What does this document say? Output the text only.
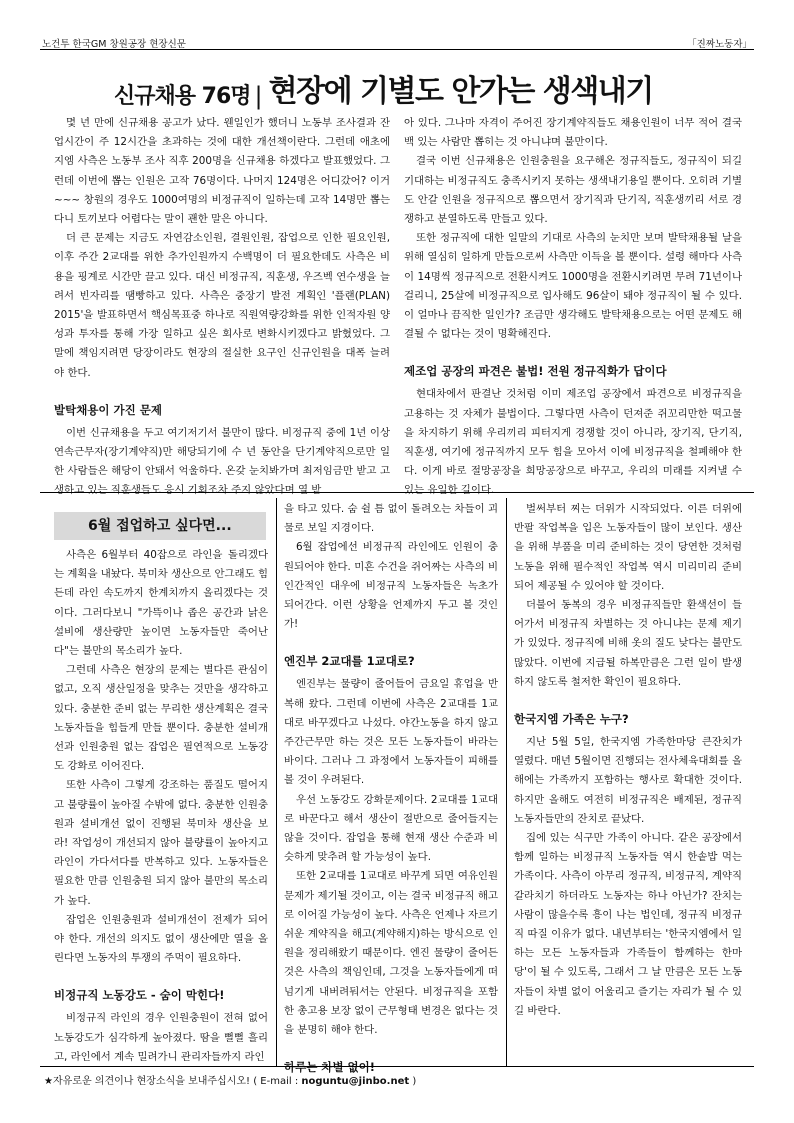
노건투 한국GM 창원공장 현장신문	「진짜노동자」
신규채용 76명 | 현장에 기별도 안가는 생색내기

몇 년 만에 신규채용 공고가 났다. 웬일인가 했더니 노동부 조사결과 잔업시간이 주 12시간을 초과하는 것에 대한 개선책이란다. 그런데 애초에 지엠 사측은 노동부 조사 직후 200명을 신규채용 하겠다고 발표했었다. 그런데 이번에 뽑는 인원은 고작 76명이다. 나머지 124명은 어디갔어? 이거~~~ 창원의 경우도 1000여명의 비정규직이 일하는데 고작 14명만 뽑는다니 토끼보다 어렵다는 말이 괜한 말은 아니다.

더 큰 문제는 지금도 자연감소인원, 결원인원, 잡업으로 인한 필요인원, 이후 주간 2교대를 위한 추가인원까지 수백명이 더 필요한데도 사측은 비용을 핑계로 시간만 끌고 있다. 대신 비정규직, 직훈생, 우즈벡 연수생을 늘려서 빈자리를 땜빵하고 있다. 사측은 중장기 발전 계획인 '플랜(PLAN) 2015'을 발표하면서 핵심목표중 하나로 직원역량강화를 위한 인적자원 양성과 투자를 통해 가장 일하고 싶은 회사로 변화시키겠다고 밝혔었다. 그 말에 책임지려면 당장이라도 현장의 절실한 요구인 신규인원을 대폭 늘려야 한다.

발탁채용이 가진 문제

이번 신규채용을 두고 여기저기서 불만이 많다. 비정규직 중에 1년 이상 연속근무자(장기계약직)만 해당되기에 수 년 동안을 단기계약직으로만 일한 사람들은 해당이 안돼서 억울하다. 온갖 눈치봐가며 최저임금만 받고 고생하고 있는 직훈생들도 응시 기회조차 주지 않았다며 열 받

아 있다. 그나마 자격이 주어진 장기계약직들도 채용인원이 너무 적어 결국 백 있는 사람만 뽑히는 것 아니냐며 불만이다.

결국 이번 신규채용은 인원충원을 요구해온 정규직들도, 정규직이 되길 기대하는 비정규직도 충족시키지 못하는 생색내기용일 뿐이다. 오히려 기별도 안갈 인원을 정규직으로 뽑으면서 장기직과 단기직, 직훈생끼리 서로 경쟁하고 분열하도록 만들고 있다.

또한 정규직에 대한 일말의 기대로 사측의 눈치만 보며 발탁채용될 날을 위해 열심히 일하게 만들으로써 사측만 이득을 볼 뿐이다. 설령 해마다 사측이 14명씩 정규직으로 전환시켜도 1000명을 전환시키려면 무려 71년이나 걸리니, 25살에 비정규직으로 입사해도 96살이 돼야 정규직이 될 수 있다. 이 얼마나 끔직한 일인가? 조금만 생각해도 발탁채용으로는 어떤 문제도 해결될 수 없다는 것이 명확해진다.

제조업 공장의 파견은 불법! 전원 정규직화가 답이다

현대차에서 판결난 것처럼 이미 제조업 공장에서 파견으로 비정규직을 고용하는 것 자체가 불법이다. 그렇다면 사측이 던져준 쥐꼬리만한 떡고물을 차지하기 위해 우리끼리 피터지게 경쟁할 것이 아니라, 장기직, 단기직, 직훈생, 여기에 정규직까지 모두 힘을 모아서 이에 비정규직을 철폐해야 한다. 이게 바로 절망공장을 희망공장으로 바꾸고, 우리의 미래를 지켜낼 수 있는 유일한 길이다.

6월 접업하고 싶다면...

사측은 6월부터 40잡으로 라인을 돌리겠다는 계획을 내놨다. 북미차 생산으로 안그래도 힘든데 라인 속도까지 한계치까지 올리겠다는 것이다. 그러다보니 "가뜩이나 좁은 공간과 낡은 설비에 생산량만 높이면 노동자들만 죽어난다"는 불만의 목소리가 높다.

그런데 사측은 현장의 문제는 별다른 관심이 없고, 오직 생산일정을 맞추는 것만을 생각하고 있다. 충분한 준비 없는 무리한 생산계획은 결국 노동자들을 힘들게 만들 뿐이다. 충분한 설비개선과 인원충원 없는 잡업은 필연적으로 노동강도 강화로 이어진다.

또한 사측이 그렇게 강조하는 품질도 떨어지고 불량률이 높아질 수밖에 없다. 충분한 인원충원과 설비개선 없이 진행된 북미차 생산을 보라! 작업성이 개선되지 않아 불량률이 높아지고 라인이 가다서다를 반복하고 있다. 노동자들은 필요한 만큼 인원충원 되지 않아 불만의 목소리가 높다.

잡업은 인원충원과 설비개선이 전제가 되어야 한다. 개선의 의지도 없이 생산에만 열을 올린다면 노동자의 투쟁의 주먹이 필요하다.

비정규직 노동강도 - 숨이 막힌다!

비정규직 라인의 경우 인원충원이 전혀 없어 노동강도가 심각하게 높아졌다. 땀을 뻘뻘 흘리고, 라인에서 계속 밀려가니 관리자들까지 라인

을 타고 있다. 숨 쉴 틈 없이 돌려오는 차들이 괴물로 보일 지경이다.

6월 잡업에선 비정규직 라인에도 인원이 충원되어야 한다. 미흔 수건을 쥐어짜는 사측의 비인간적인 대우에 비정규직 노동자들은 녹초가 되어간다. 이런 상황을 언제까지 두고 볼 것인가!

엔진부 2교대를 1교대로?

엔진부는 물량이 줄어들어 금요일 휴업을 반복해 왔다. 그런데 이번에 사측은 2교대를 1교대로 바꾸겠다고 나섰다. 야간노동을 하지 않고 주간근무만 하는 것은 모든 노동자들이 바라는 바이다. 그러나 그 과정에서 노동자들이 피해를 볼 것이 우려된다.

우선 노동강도 강화문제이다. 2교대를 1교대로 바꾼다고 해서 생산이 절반으로 줄어들지는 않을 것이다. 잡업을 통해 현재 생산 수준과 비슷하게 맞추려 할 가능성이 높다.

또한 2교대를 1교대로 바꾸게 되면 여유인원 문제가 제기될 것이고, 이는 결국 비정규직 해고로 이어질 가능성이 높다. 사측은 언제나 자르기 쉬운 계약직을 해고(계약해지)하는 방식으로 인원을 정리해왔기 때문이다. 엔진 물량이 줄어든 것은 사측의 책임인데, 그것을 노동자들에게 떠넘기게 내버려둬서는 안된다. 비정규직을 포함한 총고용 보장 없이 근무형태 변경은 없다는 것을 분명히 해야 한다.

하루는 차별 없이!

벌써부터 찌는 더위가 시작되었다. 이른 더위에 반팔 작업복을 입은 노동자들이 많이 보인다. 생산을 위해 부품을 미리 준비하는 것이 당연한 것처럼 노동을 위해 필수적인 작업복 역시 미리미리 준비되어 제공될 수 있어야 할 것이다.

더불어 동복의 경우 비정규직들만 환색선이 들어가서 비정규직 차별하는 것 아니냐는 문제 제기가 있었다. 정규직에 비해 옷의 질도 낮다는 불만도 많았다. 이번에 지급될 하복만큼은 그런 일이 발생하지 않도록 철저한 확인이 필요하다.

한국지엠 가족은 누구?

지난 5월 5일, 한국지엠 가족한마당 큰잔치가 열렸다. 매년 5월이면 진행되는 전사체육대회를 올해에는 가족까지 포함하는 행사로 확대한 것이다. 하지만 올해도 여전히 비정규직은 배제된, 정규직노동자들만의 잔치로 끝났다.

집에 있는 식구만 가족이 아니다. 같은 공장에서 함께 일하는 비정규직 노동자들 역시 한솥밥 먹는 가족이다. 사측이 아무리 정규직, 비정규직, 계약직 갈라치기 하더라도 노동자는 하나 아닌가? 잔치는 사람이 많을수록 흥이 나는 법인데, 정규직 비정규직 따질 이유가 없다. 내년부터는 '한국지엠에서 일하는 모든 노동자들과 가족들이 함께하는 한마당'이 될 수 있도록, 그래서 그 날 만큼은 모든 노동자들이 차별 없이 어울리고 즐기는 자리가 될 수 있길 바란다.

★자유로운 의견이나 현장소식을 보내주십시오! ( E-mail : noguntu@jinbo.net )
